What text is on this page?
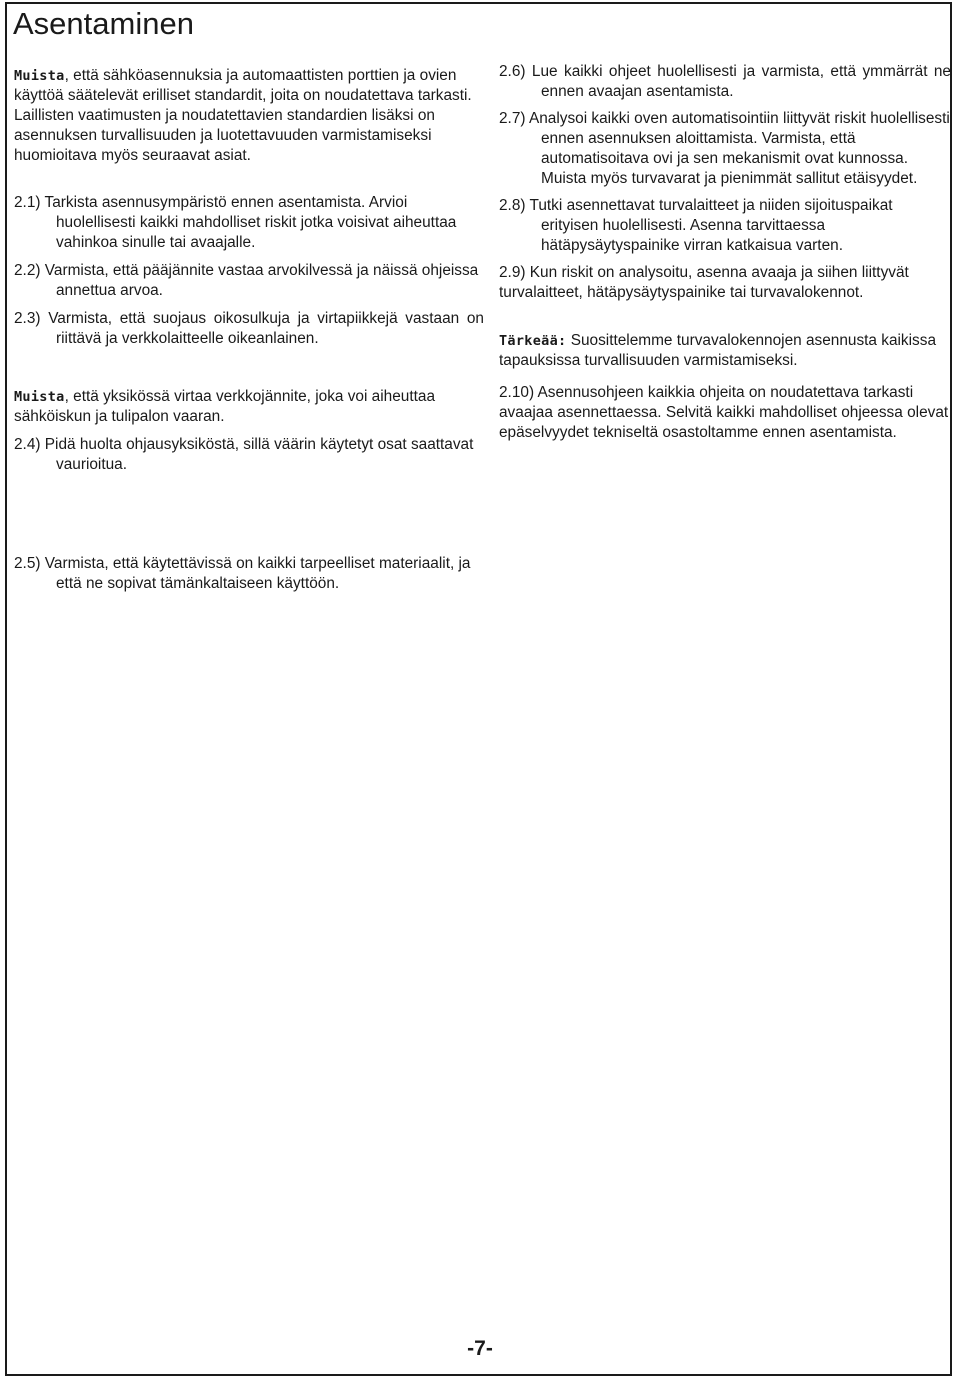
Asentaminen

Muista, että sähköasennuksia ja automaattisten porttien ja ovien käyttöä säätelevät erilliset standardit, joita on noudatettava tarkasti.

Laillisten vaatimusten ja noudatettavien standardien lisäksi on asennuksen turvallisuuden ja luotettavuuden varmistamiseksi huomioitava myös seuraavat asiat.

2.1) Tarkista asennusympäristö ennen asentamista. Arvioi huolellisesti kaikki mahdolliset riskit jotka voisivat aiheuttaa vahinkoa sinulle tai avaajalle.

2.2) Varmista, että pääjännite vastaa arvokilvessä ja näissä ohjeissa annettua arvoa.

2.3) Varmista, että suojaus oikosulkuja ja virtapiikkejä vastaan on riittävä ja verkkolaitteelle oikeanlainen.

Muista, että yksikössä virtaa verkkojännite, joka voi aiheuttaa sähköiskun ja tulipalon vaaran.

2.4) Pidä huolta ohjausyksiköstä, sillä väärin käytetyt osat saattavat vaurioitua.

2.5) Varmista, että käytettävissä on kaikki tarpeelliset materiaalit, ja että ne sopivat tämänkaltaiseen käyttöön.

2.6) Lue kaikki ohjeet huolellisesti ja varmista, että ymmärrät ne ennen avaajan asentamista.

2.7) Analysoi kaikki oven automatisointiin liittyvät riskit huolellisesti ennen asennuksen aloittamista. Varmista, että automatisoitava ovi ja sen mekanismit ovat kunnossa. Muista myös turvavarat ja pienimmät sallitut etäisyydet.

2.8) Tutki asennettavat turvalaitteet ja niiden sijoituspaikat erityisen huolellisesti. Asenna tarvittaessa hätäpysäytyspainike virran katkaisua varten.

2.9) Kun riskit on analysoitu, asenna avaaja ja siihen liittyvät turvalaitteet, hätäpysäytyspainike tai turvavalokennot.

Tärkeää: Suosittelemme turvavalokennojen asennusta kaikissa tapauksissa turvallisuuden varmistamiseksi.

2.10) Asennusohjeen kaikkia ohjeita on noudatettava tarkasti avaajaa asennettaessa. Selvitä kaikki mahdolliset ohjeessa olevat epäselvyydet tekniseltä osastoltamme ennen asentamista.

-7-
